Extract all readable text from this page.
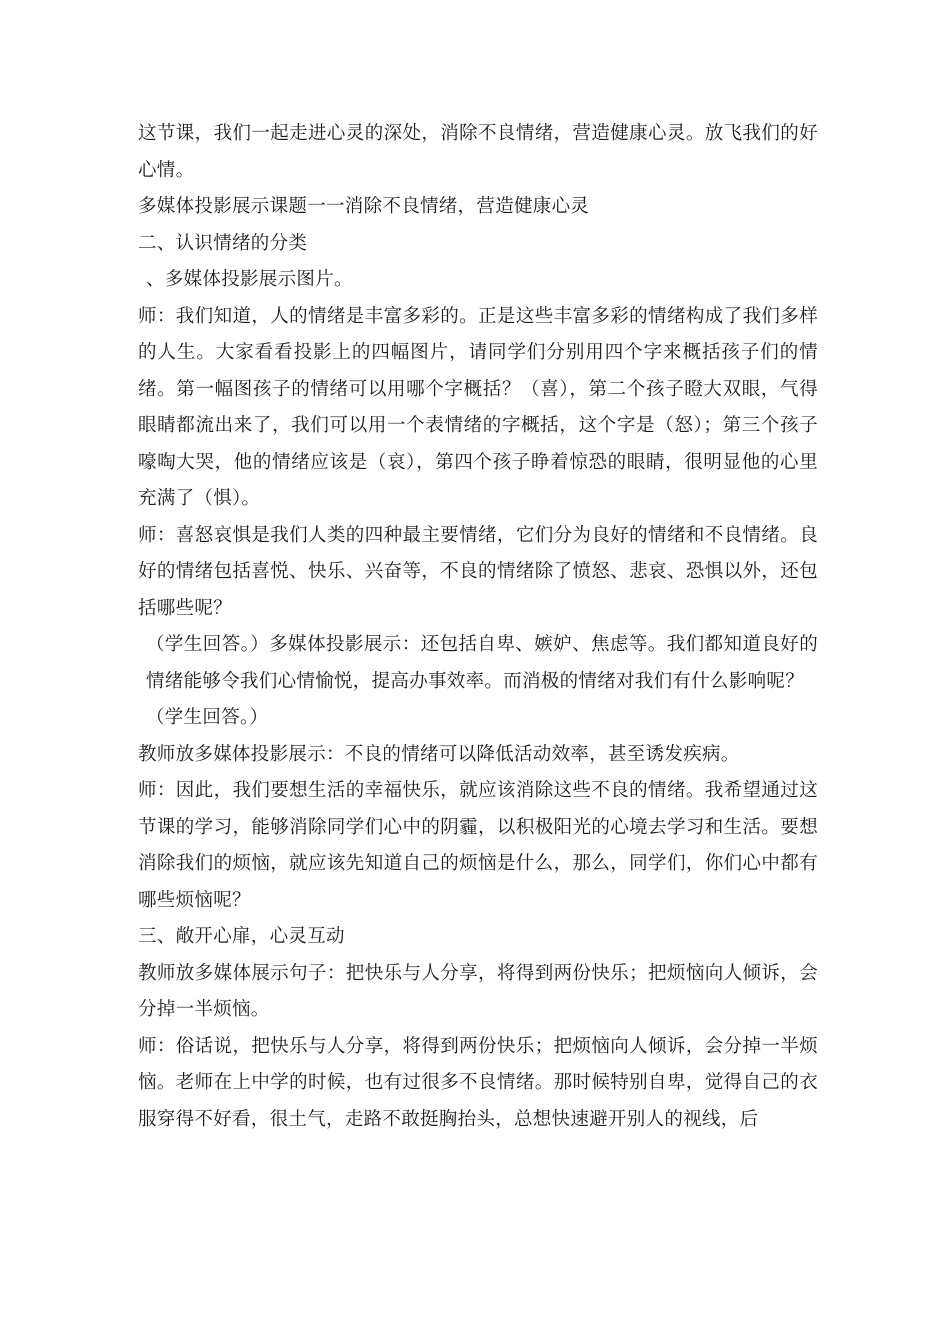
这节课，我们一起走进心灵的深处，消除不良情绪，营造健康心灵。放飞我们的好心情。

多媒体投影展示课题一一消除不良情绪，营造健康心灵

二、认识情绪的分类

、多媒体投影展示图片。

师：我们知道，人的情绪是丰富多彩的。正是这些丰富多彩的情绪构成了我们多样的人生。大家看看投影上的四幅图片，请同学们分别用四个字来概括孩子们的情绪。第一幅图孩子的情绪可以用哪个字概括？（喜），第二个孩子瞪大双眼，气得眼睛都流出来了，我们可以用一个表情绪的字概括，这个字是（怒）；第三个孩子嚎啕大哭，他的情绪应该是（哀），第四个孩子睁着惊恐的眼睛，很明显他的心里充满了（惧）。

师：喜怒哀惧是我们人类的四种最主要情绪，它们分为良好的情绪和不良情绪。良好的情绪包括喜悦、快乐、兴奋等，不良的情绪除了愤怒、悲哀、恐惧以外，还包括哪些呢？

（学生回答。）多媒体投影展示：还包括自卑、嫉妒、焦虑等。我们都知道良好的情绪能够令我们心情愉悦，提高办事效率。而消极的情绪对我们有什么影响呢？

（学生回答。）

教师放多媒体投影展示：不良的情绪可以降低活动效率，甚至诱发疾病。

师：因此，我们要想生活的幸福快乐，就应该消除这些不良的情绪。我希望通过这节课的学习，能够消除同学们心中的阴霾，以积极阳光的心境去学习和生活。要想消除我们的烦恼，就应该先知道自己的烦恼是什么，那么，同学们，你们心中都有哪些烦恼呢？

三、敞开心扉，心灵互动

教师放多媒体展示句子：把快乐与人分享，将得到两份快乐；把烦恼向人倾诉，会分掉一半烦恼。

师：俗话说，把快乐与人分享，将得到两份快乐；把烦恼向人倾诉，会分掉一半烦恼。老师在上中学的时候，也有过很多不良情绪。那时候特别自卑，觉得自己的衣服穿得不好看，很土气，走路不敢挺胸抬头，总想快速避开别人的视线，后
